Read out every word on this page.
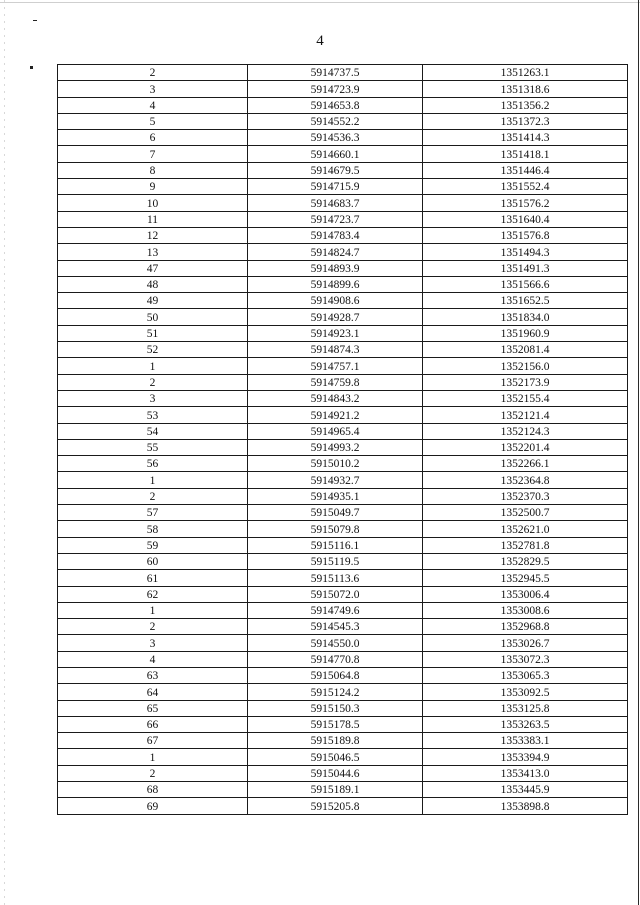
4
2	5914737.5	1351263.1
3	5914723.9	1351318.6
4	5914653.8	1351356.2
5	5914552.2	1351372.3
6	5914536.3	1351414.3
7	5914660.1	1351418.1
8	5914679.5	1351446.4
9	5914715.9	1351552.4
10	5914683.7	1351576.2
11	5914723.7	1351640.4
12	5914783.4	1351576.8
13	5914824.7	1351494.3
47	5914893.9	1351491.3
48	5914899.6	1351566.6
49	5914908.6	1351652.5
50	5914928.7	1351834.0
51	5914923.1	1351960.9
52	5914874.3	1352081.4
1	5914757.1	1352156.0
2	5914759.8	1352173.9
3	5914843.2	1352155.4
53	5914921.2	1352121.4
54	5914965.4	1352124.3
55	5914993.2	1352201.4
56	5915010.2	1352266.1
1	5914932.7	1352364.8
2	5914935.1	1352370.3
57	5915049.7	1352500.7
58	5915079.8	1352621.0
59	5915116.1	1352781.8
60	5915119.5	1352829.5
61	5915113.6	1352945.5
62	5915072.0	1353006.4
1	5914749.6	1353008.6
2	5914545.3	1352968.8
3	5914550.0	1353026.7
4	5914770.8	1353072.3
63	5915064.8	1353065.3
64	5915124.2	1353092.5
65	5915150.3	1353125.8
66	5915178.5	1353263.5
67	5915189.8	1353383.1
1	5915046.5	1353394.9
2	5915044.6	1353413.0
68	5915189.1	1353445.9
69	5915205.8	1353898.8
